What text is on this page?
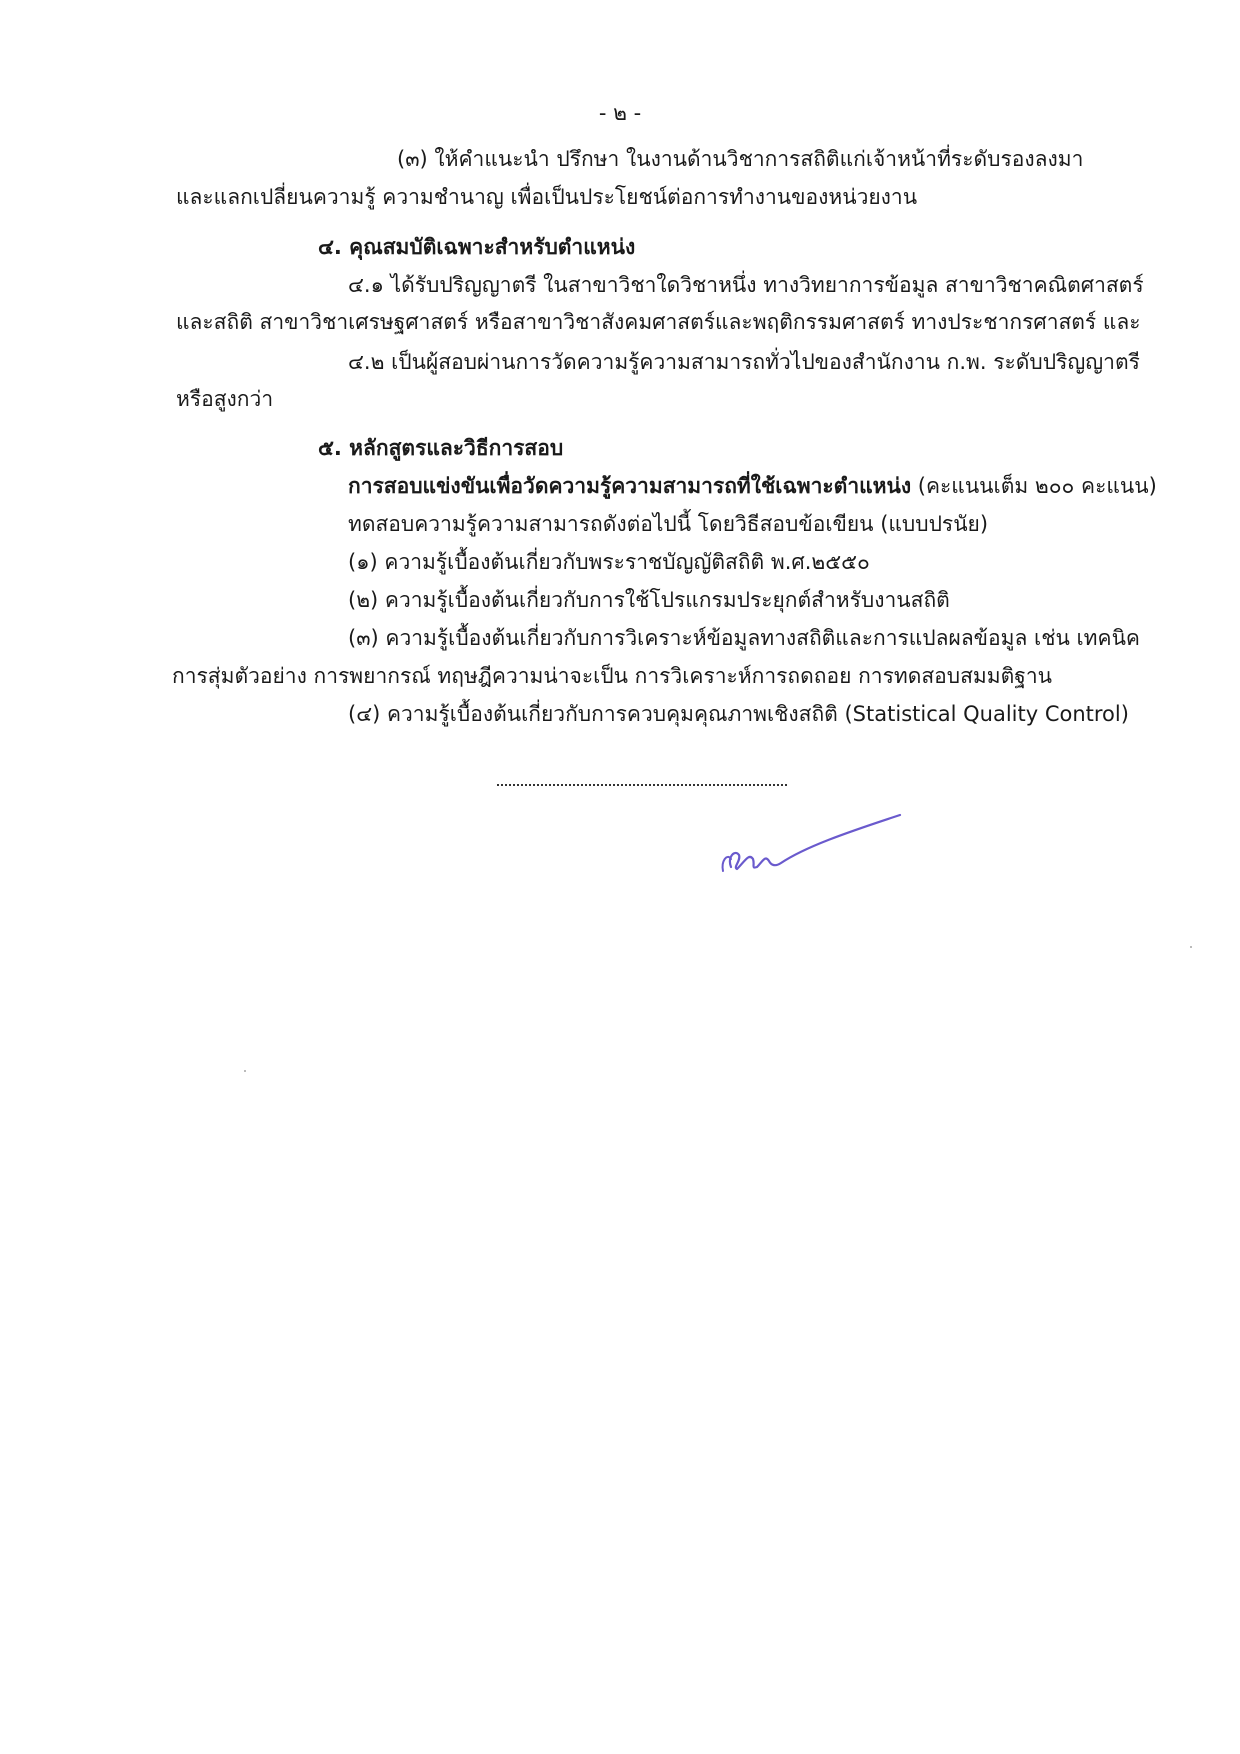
- ๒ -
(๓) ให้คำแนะนำ ปรึกษา ในงานด้านวิชาการสถิติแก่เจ้าหน้าที่ระดับรองลงมา
และแลกเปลี่ยนความรู้ ความชำนาญ เพื่อเป็นประโยชน์ต่อการทำงานของหน่วยงาน
๔. คุณสมบัติเฉพาะสำหรับตำแหน่ง
๔.๑ ได้รับปริญญาตรี ในสาขาวิชาใดวิชาหนึ่ง ทางวิทยาการข้อมูล สาขาวิชาคณิตศาสตร์
และสถิติ สาขาวิชาเศรษฐศาสตร์ หรือสาขาวิชาสังคมศาสตร์และพฤติกรรมศาสตร์ ทางประชากรศาสตร์ และ
๔.๒ เป็นผู้สอบผ่านการวัดความรู้ความสามารถทั่วไปของสำนักงาน ก.พ. ระดับปริญญาตรี
หรือสูงกว่า
๕. หลักสูตรและวิธีการสอบ
การสอบแข่งขันเพื่อวัดความรู้ความสามารถที่ใช้เฉพาะตำแหน่ง (คะแนนเต็ม ๒๐๐ คะแนน)
ทดสอบความรู้ความสามารถดังต่อไปนี้ โดยวิธีสอบข้อเขียน (แบบปรนัย)
(๑) ความรู้เบื้องต้นเกี่ยวกับพระราชบัญญัติสถิติ พ.ศ.๒๕๕๐
(๒) ความรู้เบื้องต้นเกี่ยวกับการใช้โปรแกรมประยุกต์สำหรับงานสถิติ
(๓) ความรู้เบื้องต้นเกี่ยวกับการวิเคราะห์ข้อมูลทางสถิติและการแปลผลข้อมูล เช่น เทคนิค
การสุ่มตัวอย่าง การพยากรณ์ ทฤษฎีความน่าจะเป็น การวิเคราะห์การถดถอย การทดสอบสมมติฐาน
(๔) ความรู้เบื้องต้นเกี่ยวกับการควบคุมคุณภาพเชิงสถิติ (Statistical Quality Control)
